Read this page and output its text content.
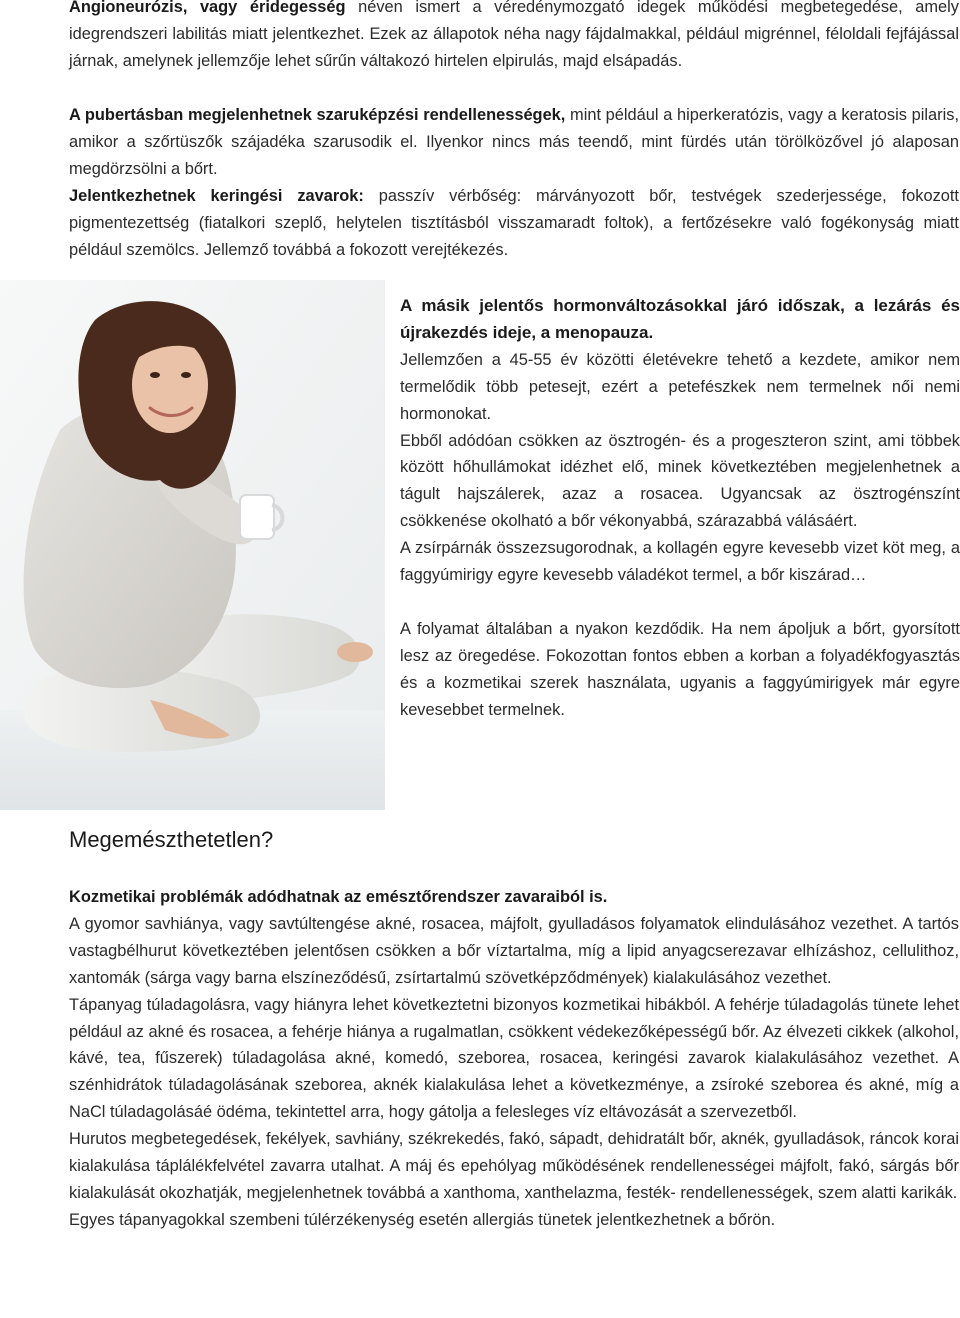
Angioneurózis, vagy éridegesség néven ismert a véredénymozgató idegek működési megbetegedése, amely idegrendszeri labilitás miatt jelentkezhet. Ezek az állapotok néha nagy fájdalmakkal, például migrénnel, féloldali fejfájással járnak, amelynek jellemzője lehet sűrűn váltakozó hirtelen elpirulás, majd elsápadás.

A pubertásban megjelenhetnek szaruképzési rendellenességek, mint például a hiperkeratózis, vagy a keratosis pilaris, amikor a szőrtüszők szájadéka szarusodik el. Ilyenkor nincs más teendő, mint fürdés után törölközővel jó alaposan megdörzsölni a bőrt.

Jelentkezhetnek keringési zavarok: passzív vérbőség: márványozott bőr, testvégek szederjessége, fokozott pigmentezettség (fiatalkori szeplő, helytelen tisztításból visszamaradt foltok), a fertőzésekre való fogékonyság miatt például szemölcs. Jellemző továbbá a fokozott verejtékezés.

A másik jelentős hormonváltozásokkal járó időszak, a lezárás és újrakezdés ideje, a menopauza.

Jellemzően a 45-55 év közötti életévekre tehető a kezdete, amikor nem termelődik több petesejt, ezért a petefészkek nem termelnek női nemi hormonokat.

Ebből adódóan csökken az ösztrogén- és a progeszteron szint, ami többek között hőhullámokat idézhet elő, minek következtében megjelenhetnek a tágult hajszálerek, azaz a rosacea. Ugyancsak az ösztrogénszínt csökkenése okolható a bőr vékonyabbá, szárazabbá válásáért.

A zsírpárnák összezsugorodnak, a kollagén egyre kevesebb vizet köt meg, a faggyúmirigy egyre kevesebb váladékot termel, a bőr kiszárad…

A folyamat általában a nyakon kezdődik. Ha nem ápoljuk a bőrt, gyorsított lesz az öregedése. Fokozottan fontos ebben a korban a folyadékfogyasztás és a kozmetikai szerek használata, ugyanis a faggyúmirigyek már egyre kevesebbet termelnek.

Megemészthetetlen?

Kozmetikai problémák adódhatnak az emésztőrendszer zavaraiból is.

A gyomor savhiánya, vagy savtúltengése akné, rosacea, májfolt, gyulladásos folyamatok elindulásához vezethet. A tartós vastagbélhurut következtében jelentősen csökken a bőr víztartalma, míg a lipid anyagcserezavar elhízáshoz, cellulithoz, xantomák (sárga vagy barna elszíneződésű, zsírtartalmú szövetképződmények) kialakulásához vezethet.

Tápanyag túladagolásra, vagy hiányra lehet következtetni bizonyos kozmetikai hibákból. A fehérje túladagolás tünete lehet például az akné és rosacea, a fehérje hiánya a rugalmatlan, csökkent védekezőképességű bőr. Az élvezeti cikkek (alkohol, kávé, tea, fűszerek) túladagolása akné, komedó, szeborea, rosacea, keringési zavarok kialakulásához vezethet. A szénhidrátok túladagolásának szeborea, aknék kialakulása lehet a következménye, a zsíroké szeborea és akné, míg a NaCl túladagolásáé ödéma, tekintettel arra, hogy gátolja a felesleges víz eltávozását a szervezetből.

Hurutos megbetegedések, fekélyek, savhiány, székrekedés, fakó, sápadt, dehidratált bőr, aknék, gyulladások, ráncok korai kialakulása táplálékfelvétel zavarra utalhat. A máj és epehólyag működésének rendellenességei májfolt, fakó, sárgás bőr kialakulását okozhatják, megjelenhetnek továbbá a xanthoma, xanthelazma, festék- rendellenességek, szem alatti karikák.

Egyes tápanyagokkal szembeni túlérzékenység esetén allergiás tünetek jelentkezhetnek a bőrön.
